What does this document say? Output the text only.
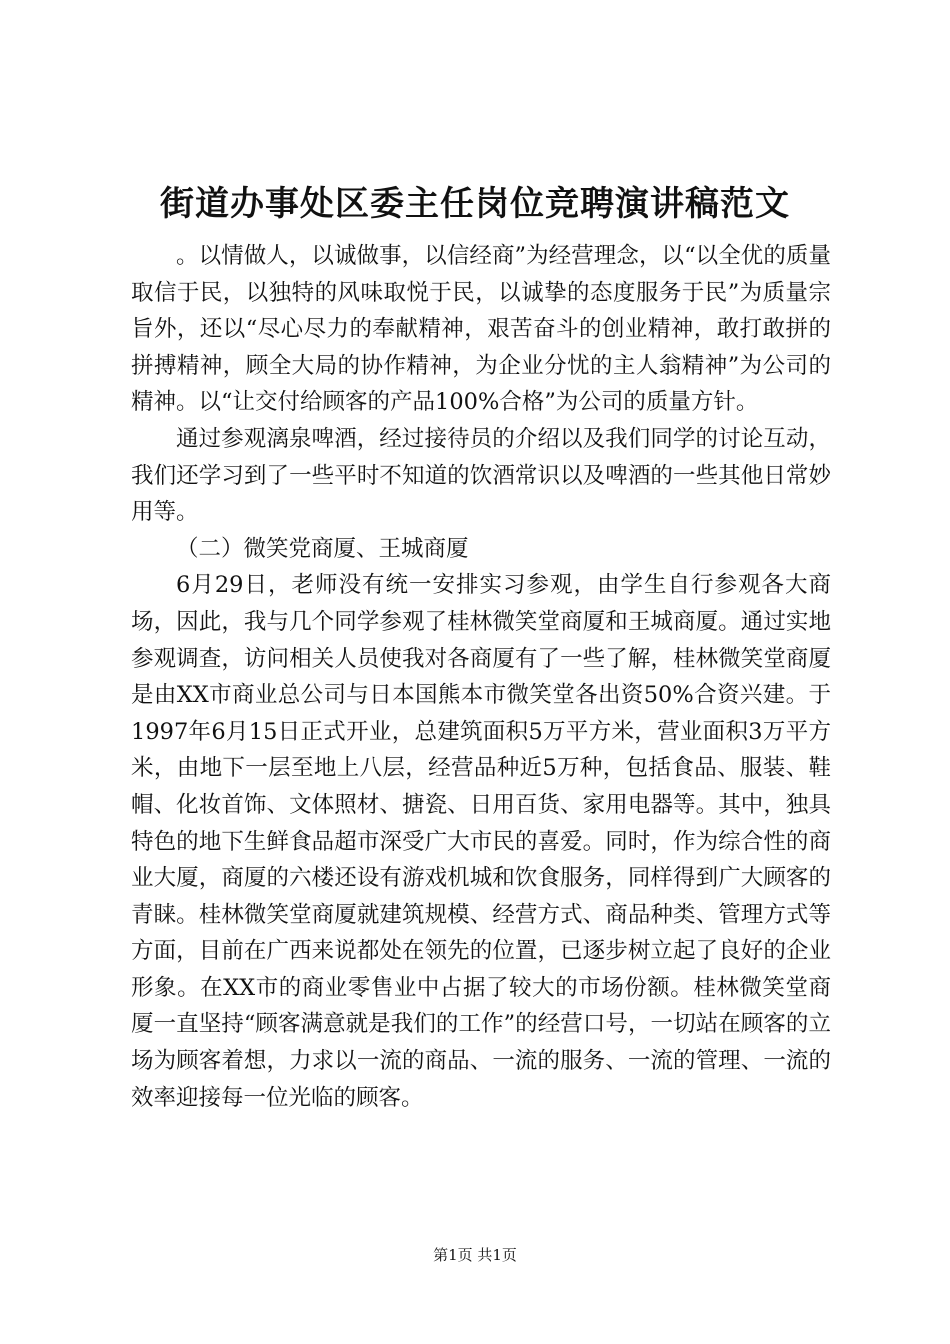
街道办事处区委主任岗位竞聘演讲稿范文

。以情做人，以诚做事，以信经商”为经营理念，以“以全优的质量取信于民，以独特的风味取悦于民，以诚挚的态度服务于民”为质量宗旨外，还以“尽心尽力的奉献精神，艰苦奋斗的创业精神，敢打敢拼的拼搏精神，顾全大局的协作精神，为企业分忧的主人翁精神”为公司的精神。以“让交付给顾客的产品100%合格”为公司的质量方针。

通过参观漓泉啤酒，经过接待员的介绍以及我们同学的讨论互动，我们还学习到了一些平时不知道的饮酒常识以及啤酒的一些其他日常妙用等。

（二）微笑党商厦、王城商厦

6月29日，老师没有统一安排实习参观，由学生自行参观各大商场，因此，我与几个同学参观了桂林微笑堂商厦和王城商厦。通过实地参观调查，访问相关人员使我对各商厦有了一些了解，桂林微笑堂商厦是由XX市商业总公司与日本国熊本市微笑堂各出资50%合资兴建。于1997年6月15日正式开业，总建筑面积5万平方米，营业面积3万平方米，由地下一层至地上八层，经营品种近5万种，包括食品、服装、鞋帽、化妆首饰、文体照材、搪瓷、日用百货、家用电器等。其中，独具特色的地下生鲜食品超市深受广大市民的喜爱。同时，作为综合性的商业大厦，商厦的六楼还设有游戏机城和饮食服务，同样得到广大顾客的青睐。桂林微笑堂商厦就建筑规模、经营方式、商品种类、管理方式等方面，目前在广西来说都处在领先的位置，已逐步树立起了良好的企业形象。在XX市的商业零售业中占据了较大的市场份额。桂林微笑堂商厦一直坚持“顾客满意就是我们的工作”的经营口号，一切站在顾客的立场为顾客着想，力求以一流的商品、一流的服务、一流的管理、一流的效率迎接每一位光临的顾客。

第1页 共1页
